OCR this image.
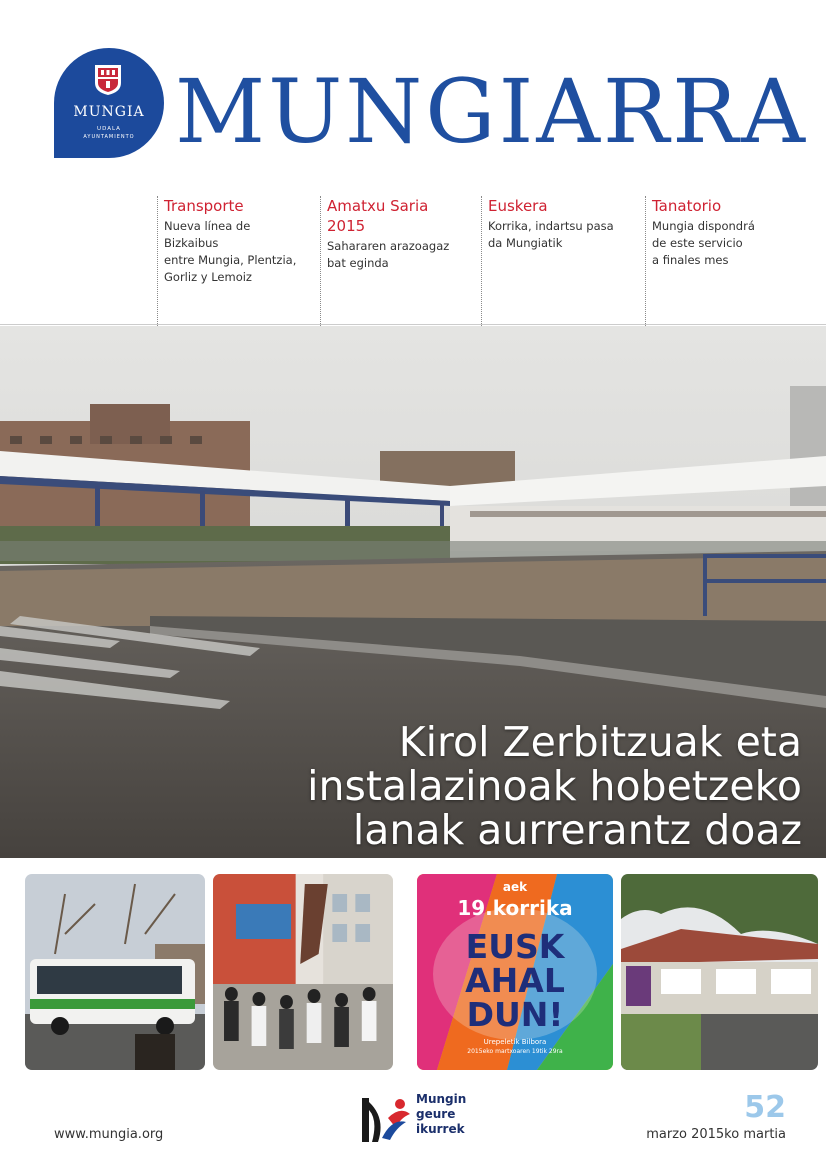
MUNGIA
UDALA
AYUNTAMIENTO MUNGIARRA
Transporte
Nueva línea de Bizkaibus
entre Mungia, Plentzia,
Gorliz y Lemoiz
Amatxu Saria 2015
Sahararen arazoagaz
bat eginda
Euskera
Korrika, indartsu pasa
da Mungiatik
Tanatorio
Mungia dispondrá
de este servicio
a finales mes
Kirol Zerbitzuak eta
instalazinoak hobetzeko
lanak aurrerantz doaz
aek
19.korrika
EUSK
AHAL
DUN!
Urepeletik Bilbora
2015eko martxoaren 19tik 29ra
www.mungia.org
Mungin
geure
ikurrek
52
marzo 2015ko martia
